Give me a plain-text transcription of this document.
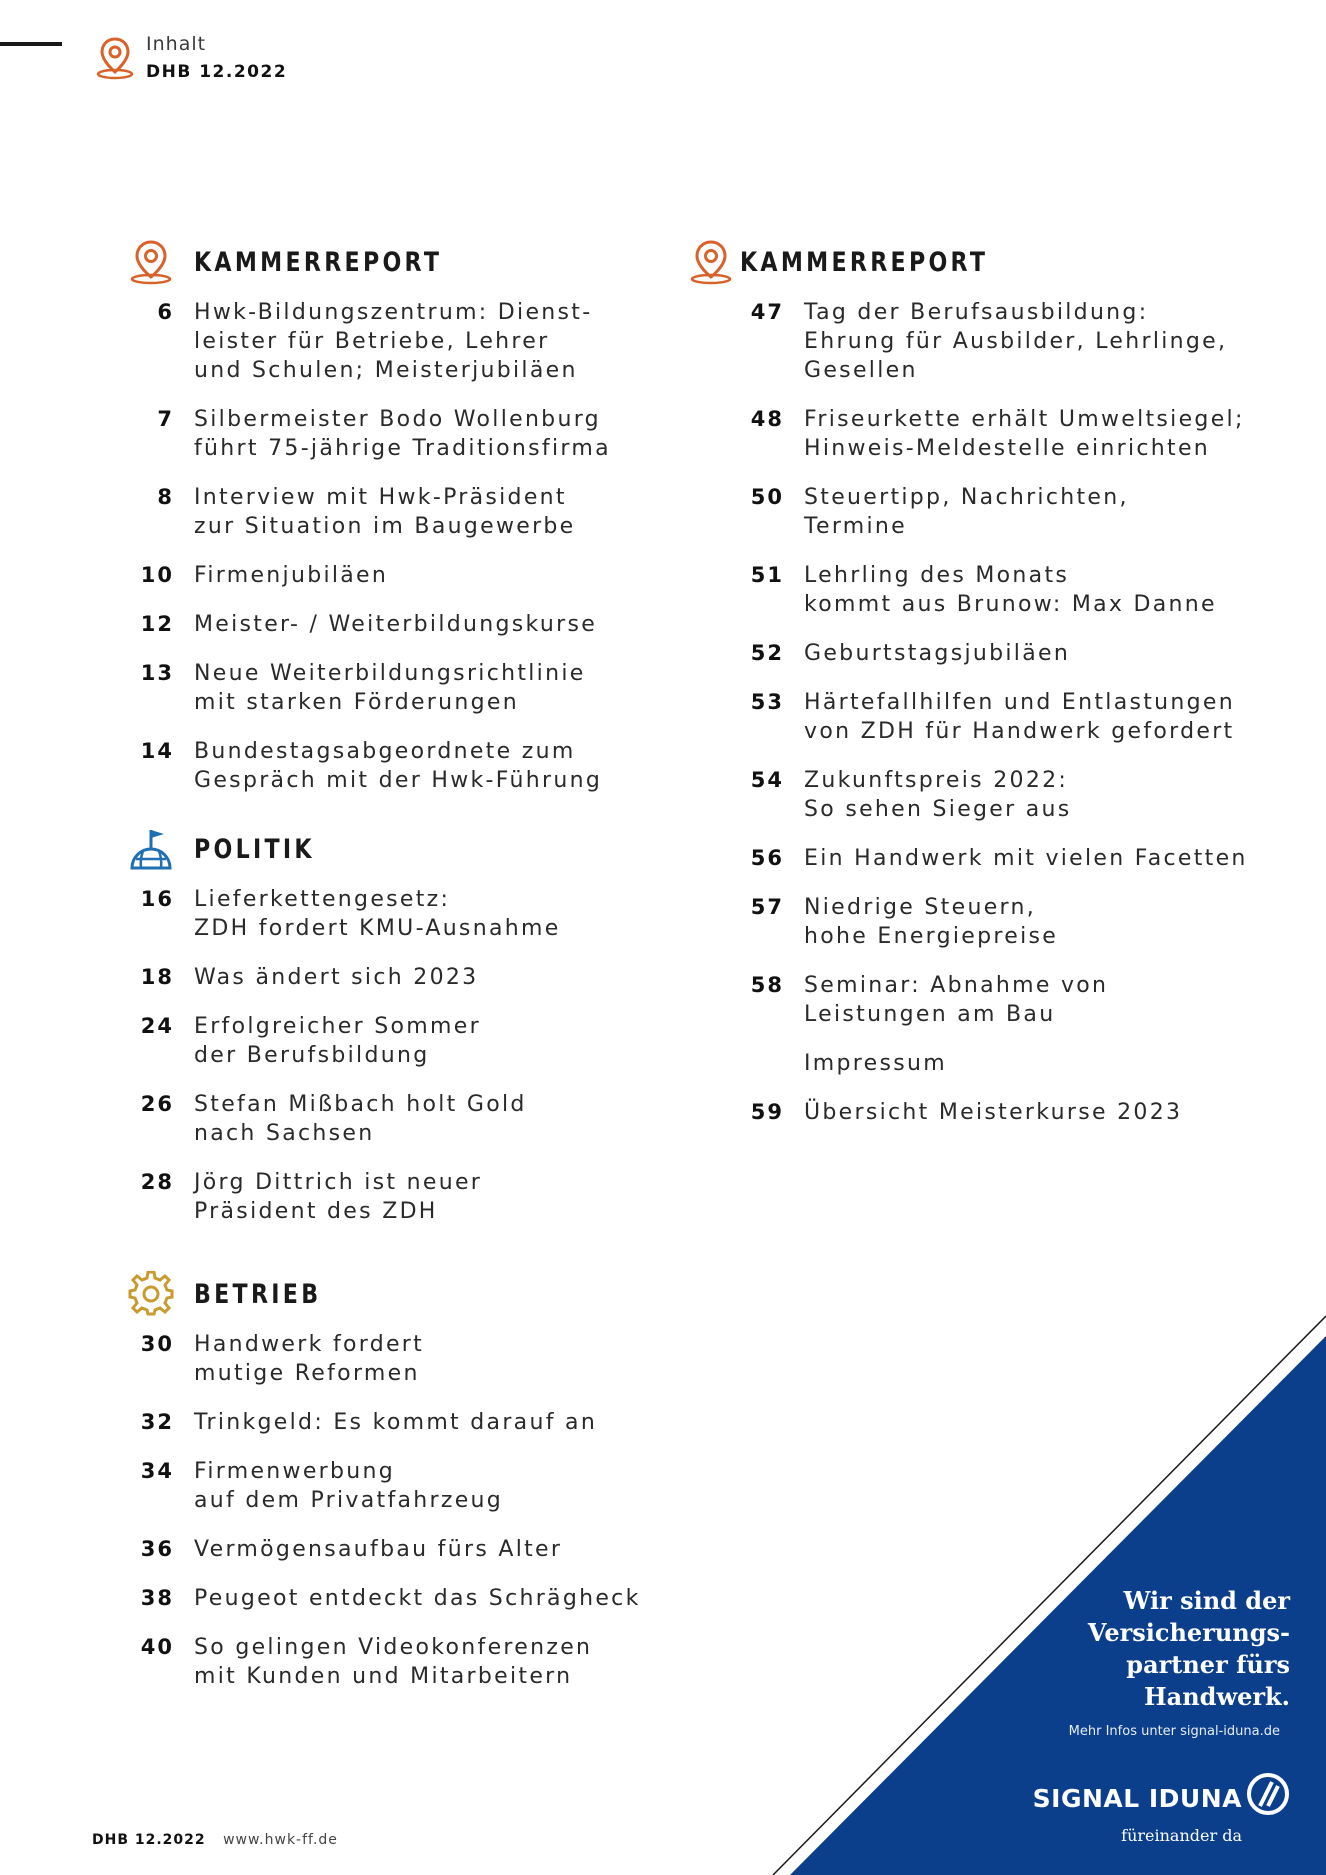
Inhalt
DHB 12.2022
KAMMERREPORT
6 Hwk-Bildungszentrum: Dienst-
leister für Betriebe, Lehrer
und Schulen; Meisterjubiläen
7 Silbermeister Bodo Wollenburg
führt 75-jährige Traditionsfirma
8 Interview mit Hwk-Präsident
zur Situation im Baugewerbe
10 Firmenjubiläen
12 Meister- / Weiterbildungskurse
13 Neue Weiterbildungsrichtlinie
mit starken Förderungen
14 Bundestagsabgeordnete zum
Gespräch mit der Hwk-Führung
POLITIK
16 Lieferkettengesetz:
ZDH fordert KMU-Ausnahme
18 Was ändert sich 2023
24 Erfolgreicher Sommer
der Berufsbildung
26 Stefan Mißbach holt Gold
nach Sachsen
28 Jörg Dittrich ist neuer
Präsident des ZDH
BETRIEB
30 Handwerk fordert
mutige Reformen
32 Trinkgeld: Es kommt darauf an
34 Firmenwerbung
auf dem Privatfahrzeug
36 Vermögensaufbau fürs Alter
38 Peugeot entdeckt das Schrägheck
40 So gelingen Videokonferenzen
mit Kunden und Mitarbeitern
KAMMERREPORT
47 Tag der Berufsausbildung:
Ehrung für Ausbilder, Lehrlinge,
Gesellen
48 Friseurkette erhält Umweltsiegel;
Hinweis-Meldestelle einrichten
50 Steuertipp, Nachrichten,
Termine
51 Lehrling des Monats
kommt aus Brunow: Max Danne
52 Geburtstagsjubiläen
53 Härtefallhilfen und Entlastungen
von ZDH für Handwerk gefordert
54 Zukunftspreis 2022:
So sehen Sieger aus
56 Ein Handwerk mit vielen Facetten
57 Niedrige Steuern,
hohe Energiepreise
58 Seminar: Abnahme von
Leistungen am Bau
Impressum
59 Übersicht Meisterkurse 2023
Wir sind der
Versicherungs-
partner fürs
Handwerk.
Mehr Infos unter signal-iduna.de
SIGNAL IDUNA
füreinander da
DHB 12.2022 www.hwk-ff.de
